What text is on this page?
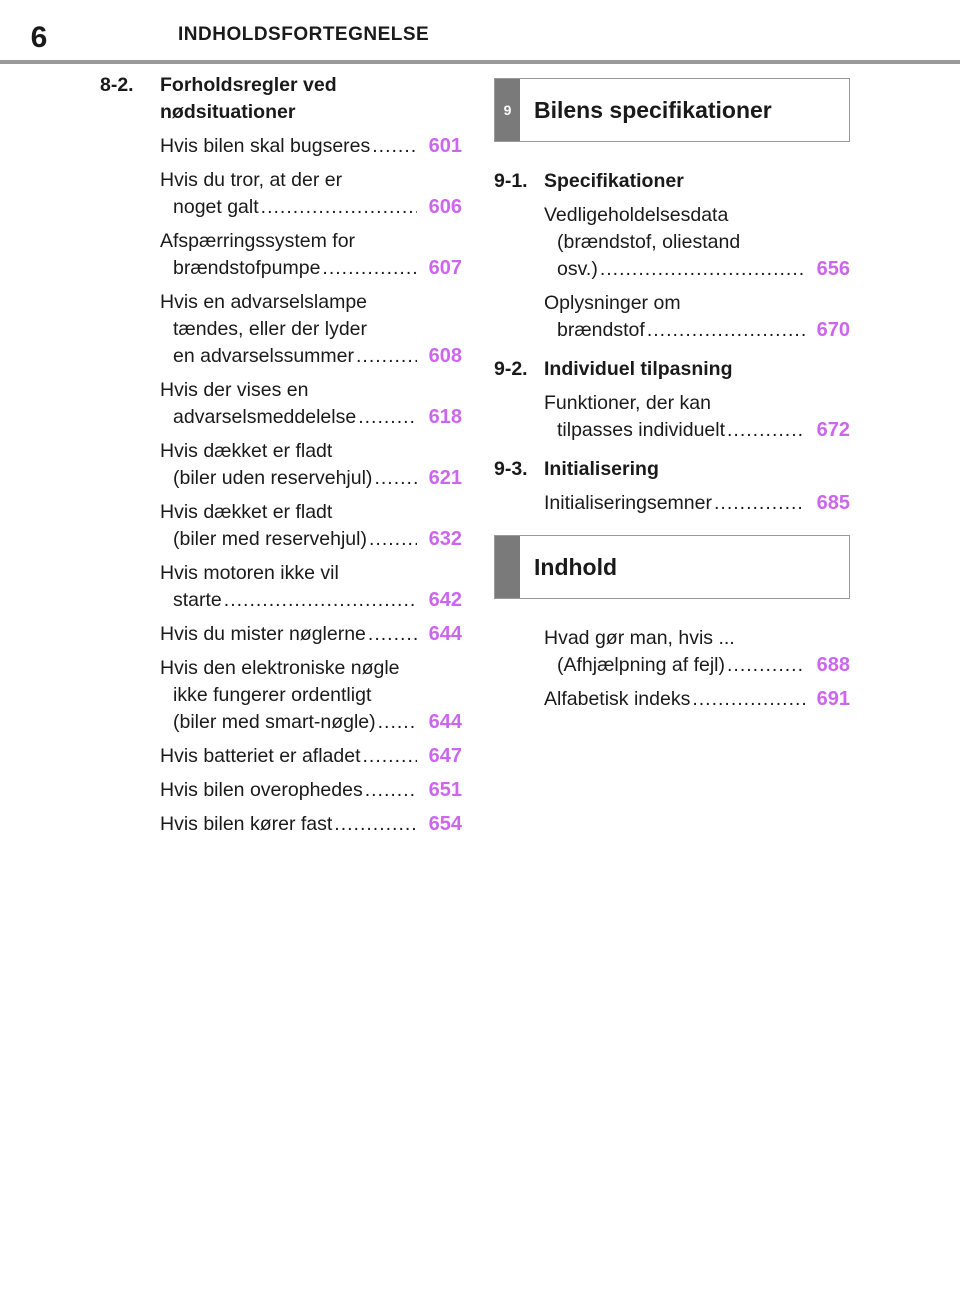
6	INDHOLDSFORTEGNELSE
8-2.	Forholdsregler ved
nødsituationer
Hvis bilen skal bugseres .....	601
Hvis du tror, at der er
noget galt .....	606
Afspærringssystem for
brændstofpumpe .....	607
Hvis en advarselslampe
tændes, eller der lyder
en advarselssummer .....	608
Hvis der vises en
advarselsmeddelelse .....	618
Hvis dækket er fladt
(biler uden reservehjul) .....	621
Hvis dækket er fladt
(biler med reservehjul) .....	632
Hvis motoren ikke vil
starte .....	642
Hvis du mister nøglerne .....	644
Hvis den elektroniske nøgle
ikke fungerer ordentligt
(biler med smart-nøgle) .....	644
Hvis batteriet er afladet .....	647
Hvis bilen overophedes .....	651
Hvis bilen kører fast .....	654
9 Bilens specifikationer
9-1. Specifikationer
Vedligeholdelsesdata
(brændstof, oliestand
osv.) .....	656
Oplysninger om
brændstof .....	670
9-2. Individuel tilpasning
Funktioner, der kan
tilpasses individuelt .....	672
9-3. Initialisering
Initialiseringsemner .....	685
Indhold
Hvad gør man, hvis ...
(Afhjælpning af fejl) .....	688
Alfabetisk indeks .....	691
